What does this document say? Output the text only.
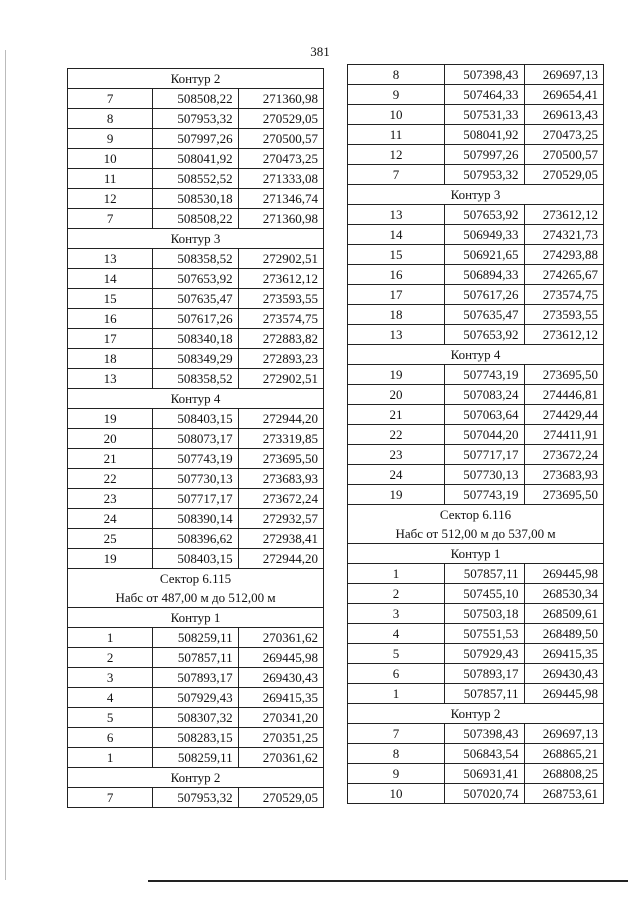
381
Контур 2		
7	508508,22	271360,98
8	507953,32	270529,05
9	507997,26	270500,57
10	508041,92	270473,25
11	508552,52	271333,08
12	508530,18	271346,74
7	508508,22	271360,98
Контур 3		
13	508358,52	272902,51
14	507653,92	273612,12
15	507635,47	273593,55
16	507617,26	273574,75
17	508340,18	272883,82
18	508349,29	272893,23
13	508358,52	272902,51
Контур 4		
19	508403,15	272944,20
20	508073,17	273319,85
21	507743,19	273695,50
22	507730,13	273683,93
23	507717,17	273672,24
24	508390,14	272932,57
25	508396,62	272938,41
19	508403,15	272944,20

Сектор 6.115
Набс от 487,00 м до 512,00 м		

Контур 1		
1	508259,11	270361,62
2	507857,11	269445,98
3	507893,17	269430,43
4	507929,43	269415,35
5	508307,32	270341,20
6	508283,15	270351,25
1	508259,11	270361,62
Контур 2		
7	507953,32	270529,05
8	507398,43	269697,13
9	507464,33	269654,41
10	507531,33	269613,43
11	508041,92	270473,25
12	507997,26	270500,57
7	507953,32	270529,05
Контур 3		
13	507653,92	273612,12
14	506949,33	274321,73
15	506921,65	274293,88
16	506894,33	274265,67
17	507617,26	273574,75
18	507635,47	273593,55
13	507653,92	273612,12
Контур 4		
19	507743,19	273695,50
20	507083,24	274446,81
21	507063,64	274429,44
22	507044,20	274411,91
23	507717,17	273672,24
24	507730,13	273683,93
19	507743,19	273695,50

Сектор 6.116
Набс от 512,00 м до 537,00 м		

Контур 1		
1	507857,11	269445,98
2	507455,10	268530,34
3	507503,18	268509,61
4	507551,53	268489,50
5	507929,43	269415,35
6	507893,17	269430,43
1	507857,11	269445,98
Контур 2		
7	507398,43	269697,13
8	506843,54	268865,21
9	506931,41	268808,25
10	507020,74	268753,61
